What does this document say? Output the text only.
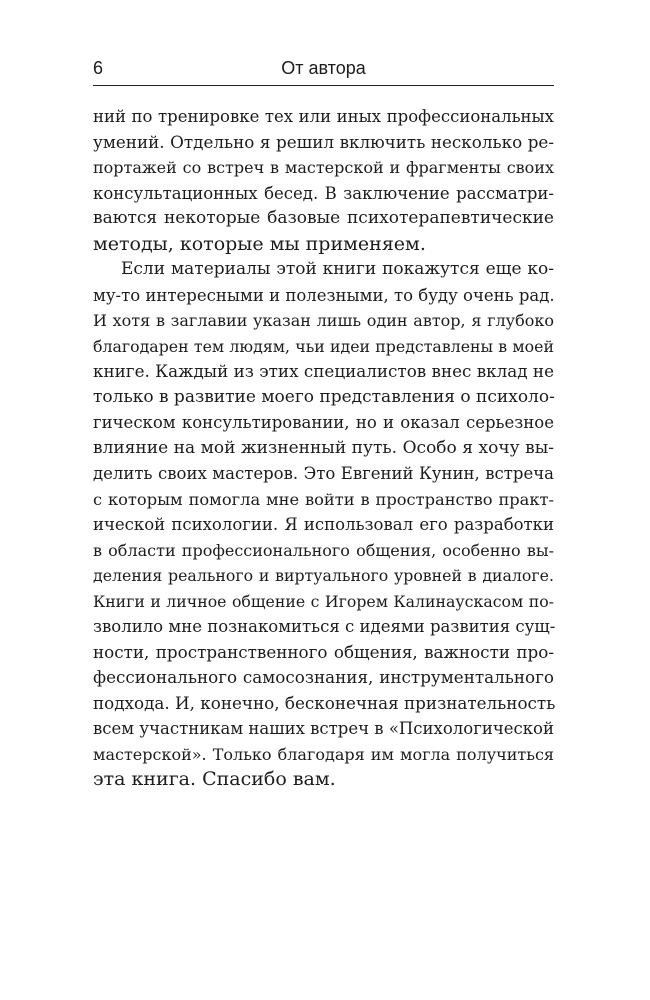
6	От автора
ний по тренировке тех или иных профессиональных
умений. Отдельно я решил включить несколько ре-
портажей со встреч в мастерской и фрагменты своих
консультационных бесед. В заключение рассматри-
ваются некоторые базовые психотерапевтические
методы, которые мы применяем.
Если материалы этой книги покажутся еще ко-
му-то интересными и полезными, то буду очень рад.
И хотя в заглавии указан лишь один автор, я глубоко
благодарен тем людям, чьи идеи представлены в моей
книге. Каждый из этих специалистов внес вклад не
только в развитие моего представления о психоло-
гическом консультировании, но и оказал серьезное
влияние на мой жизненный путь. Особо я хочу вы-
делить своих мастеров. Это Евгений Кунин, встреча
с которым помогла мне войти в пространство практ-
ической психологии. Я использовал его разработки
в области профессионального общения, особенно вы-
деления реального и виртуального уровней в диалоге.
Книги и личное общение с Игорем Калинаускасом по-
зволило мне познакомиться с идеями развития сущ-
ности, пространственного общения, важности про-
фессионального самосознания, инструментального
подхода. И, конечно, бесконечная признательность
всем участникам наших встреч в «Психологической
мастерской». Только благодаря им могла получиться
эта книга. Спасибо вам.
